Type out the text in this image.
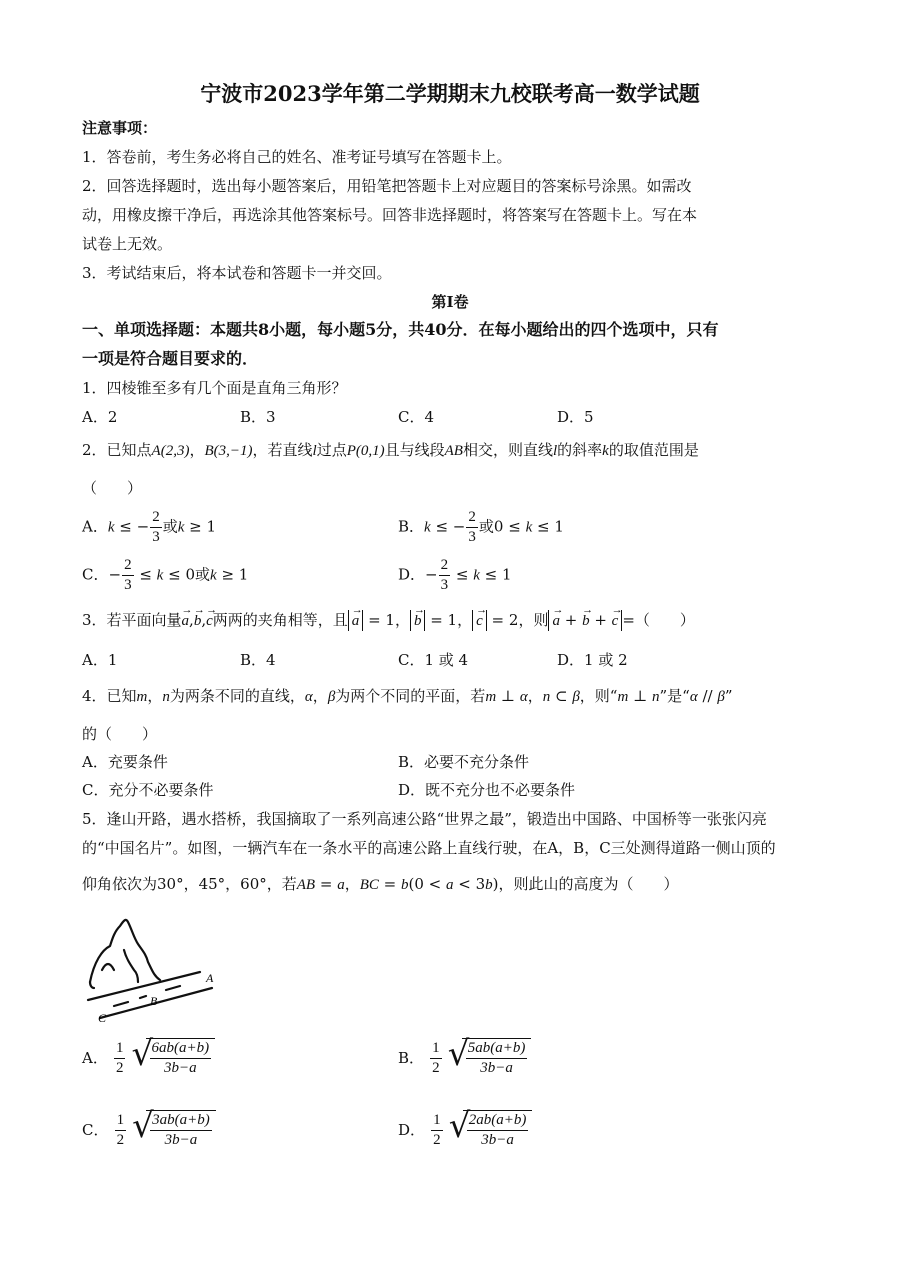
宁波市2023学年第二学期期末九校联考高一数学试题
注意事项：
1．答卷前，考生务必将自己的姓名、准考证号填写在答题卡上。
2．回答选择题时，选出每小题答案后，用铅笔把答题卡上对应题目的答案标号涂黑。如需改
动，用橡皮擦干净后，再选涂其他答案标号。回答非选择题时，将答案写在答题卡上。写在本
试卷上无效。
3．考试结束后，将本试卷和答题卡一并交回。
第Ⅰ卷
一、单项选择题：本题共8小题，每小题5分，共40分．在每小题给出的四个选项中，只有
一项是符合题目要求的．
1．四棱锥至多有几个面是直角三角形？
A．2	B．3	C．4	D．5
2．已知点A(2,3)，B(3,−1)，若直线l过点P(0,1)且与线段AB相交，则直线l的斜率k的取值范围是
（　　）
A．k ≤ − $\frac{2}{3}$ 或k ≥ 1	B．k ≤ − $\frac{2}{3}$ 或0 ≤ k ≤ 1
C．− $\frac{2}{3} \le k \le 0$或k ≥ 1	D．− $\frac{2}{3} \le k \le 1$
3．若平面向量→ a,→ b,→ c两两的夹角相等，且 → a = 1， → b = 1， → c = 2，则 → a + → b + → c =（　　）
A．1	B．4	C．1 或 4	D．1 或 2
4．已知m，n为两条不同的直线，α，β为两个不同的平面，若m ⊥ α，n ⊂ β，则“m ⊥ n”是“α // β”
的（　　）
A．充要条件	B．必要不充分条件
C．充分不必要条件	D．既不充分也不必要条件
5．逢山开路，遇水搭桥，我国摘取了一系列高速公路“世界之最”，锻造出中国路、中国桥等一张张闪亮
的“中国名片”。如图，一辆汽车在一条水平的高速公路上直线行驶，在A，B，C三处测得道路一侧山顶的
仰角依次为30°，45°，60°，若AB = a，BC = b(0 < a < 3b)，则此山的高度为（　　）
C
B
A
A． $\frac{1}{2}$
√
$\frac{6ab(a+b)}{3b-a}$	B． $\frac{1}{2}$
√
$\frac{5ab(a+b)}{3b-a}$
C． $\frac{1}{2}$
√
$\frac{3ab(a+b)}{3b-a}$	D． $\frac{1}{2}$
√
$\frac{2ab(a+b)}{3b-a}$
